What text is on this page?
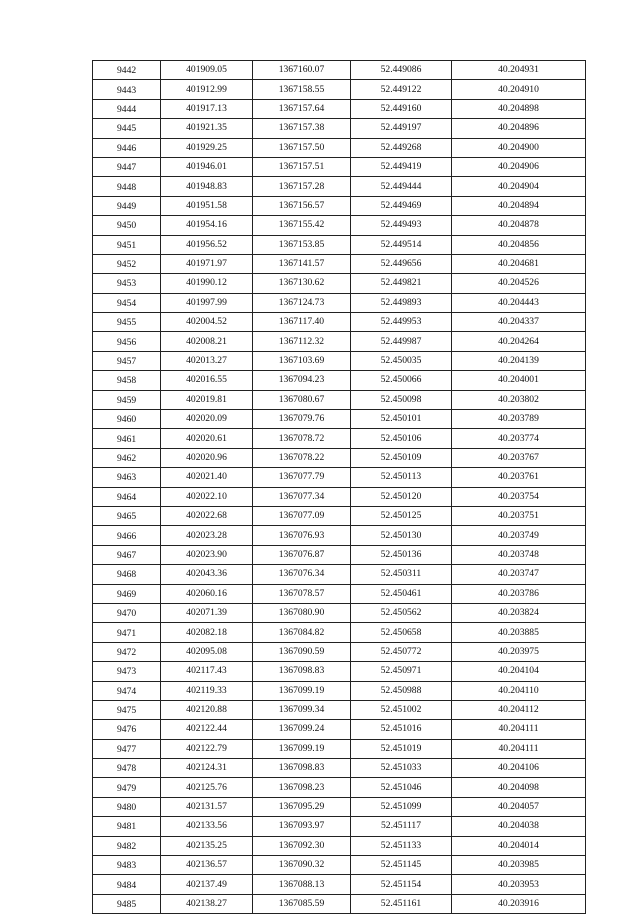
9442	401909.05	1367160.07	52.449086	40.204931
9443	401912.99	1367158.55	52.449122	40.204910
9444	401917.13	1367157.64	52.449160	40.204898
9445	401921.35	1367157.38	52.449197	40.204896
9446	401929.25	1367157.50	52.449268	40.204900
9447	401946.01	1367157.51	52.449419	40.204906
9448	401948.83	1367157.28	52.449444	40.204904
9449	401951.58	1367156.57	52.449469	40.204894
9450	401954.16	1367155.42	52.449493	40.204878
9451	401956.52	1367153.85	52.449514	40.204856
9452	401971.97	1367141.57	52.449656	40.204681
9453	401990.12	1367130.62	52.449821	40.204526
9454	401997.99	1367124.73	52.449893	40.204443
9455	402004.52	1367117.40	52.449953	40.204337
9456	402008.21	1367112.32	52.449987	40.204264
9457	402013.27	1367103.69	52.450035	40.204139
9458	402016.55	1367094.23	52.450066	40.204001
9459	402019.81	1367080.67	52.450098	40.203802
9460	402020.09	1367079.76	52.450101	40.203789
9461	402020.61	1367078.72	52.450106	40.203774
9462	402020.96	1367078.22	52.450109	40.203767
9463	402021.40	1367077.79	52.450113	40.203761
9464	402022.10	1367077.34	52.450120	40.203754
9465	402022.68	1367077.09	52.450125	40.203751
9466	402023.28	1367076.93	52.450130	40.203749
9467	402023.90	1367076.87	52.450136	40.203748
9468	402043.36	1367076.34	52.450311	40.203747
9469	402060.16	1367078.57	52.450461	40.203786
9470	402071.39	1367080.90	52.450562	40.203824
9471	402082.18	1367084.82	52.450658	40.203885
9472	402095.08	1367090.59	52.450772	40.203975
9473	402117.43	1367098.83	52.450971	40.204104
9474	402119.33	1367099.19	52.450988	40.204110
9475	402120.88	1367099.34	52.451002	40.204112
9476	402122.44	1367099.24	52.451016	40.204111
9477	402122.79	1367099.19	52.451019	40.204111
9478	402124.31	1367098.83	52.451033	40.204106
9479	402125.76	1367098.23	52.451046	40.204098
9480	402131.57	1367095.29	52.451099	40.204057
9481	402133.56	1367093.97	52.451117	40.204038
9482	402135.25	1367092.30	52.451133	40.204014
9483	402136.57	1367090.32	52.451145	40.203985
9484	402137.49	1367088.13	52.451154	40.203953
9485	402138.27	1367085.59	52.451161	40.203916
